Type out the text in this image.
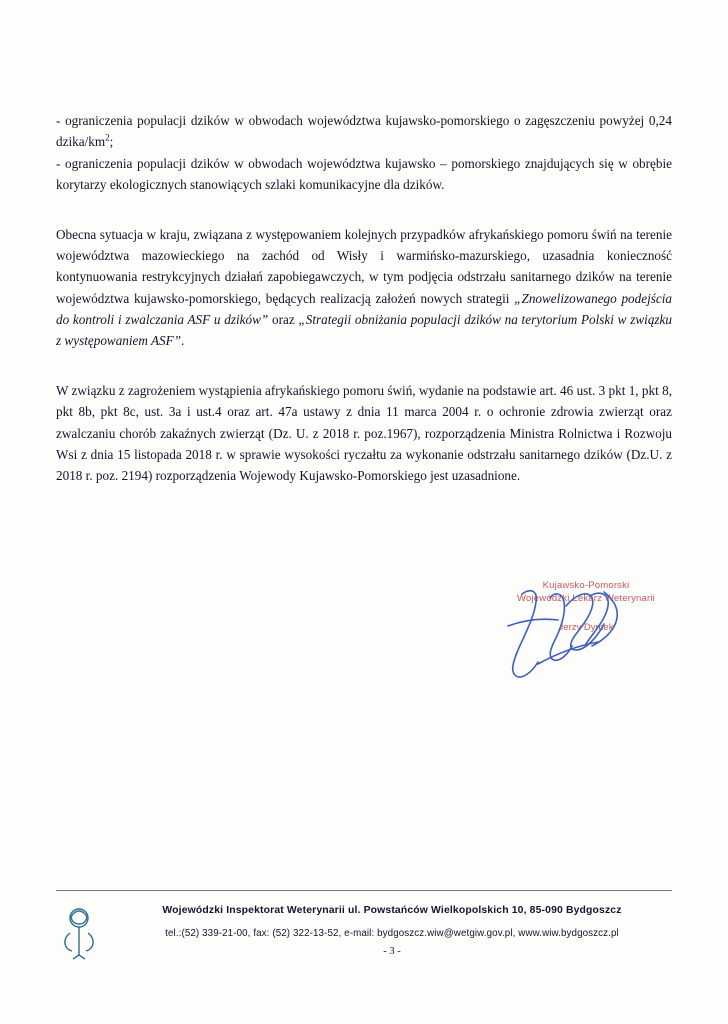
- ograniczenia populacji dzików w obwodach województwa kujawsko-pomorskiego o zagęszczeniu powyżej 0,24 dzika/$km^2$;

- ograniczenia populacji dzików w obwodach województwa kujawsko – pomorskiego znajdujących się w obrębie korytarzy ekologicznych stanowiących szlaki komunikacyjne dla dzików.

Obecna sytuacja w kraju, związana z występowaniem kolejnych przypadków afrykańskiego pomoru świń na terenie województwa mazowieckiego na zachód od Wisły i warmińsko-mazurskiego, uzasadnia konieczność kontynuowania restrykcyjnych działań zapobiegawczych, w tym podjęcia odstrzału sanitarnego dzików na terenie województwa kujawsko-pomorskiego, będących realizacją założeń nowych strategii „Znowelizowanego podejścia do kontroli i zwalczania ASF u dzików” oraz „Strategii obniżania populacji dzików na terytorium Polski w związku z występowaniem ASF”.

W związku z zagrożeniem wystąpienia afrykańskiego pomoru świń, wydanie na podstawie art. 46 ust. 3 pkt 1, pkt 8, pkt 8b, pkt 8c, ust. 3a i ust.4 oraz art. 47a ustawy z dnia 11 marca 2004 r. o ochronie zdrowia zwierząt oraz zwalczaniu chorób zakaźnych zwierząt (Dz. U. z 2018 r. poz.1967), rozporządzenia Ministra Rolnictwa i Rozwoju Wsi z dnia 15 listopada 2018 r. w sprawie wysokości ryczałtu za wykonanie odstrzału sanitarnego dzików (Dz.U. z 2018 r. poz. 2194) rozporządzenia Wojewody Kujawsko-Pomorskiego jest uzasadnione.

Kujawsko-Pomorski
Wojewódzki Lekarz Weterynarii
Jerzy Dymek
Wojewódzki Inspektorat Weterynarii ul. Powstańców Wielkopolskich 10, 85-090 Bydgoszcz
tel.:(52) 339-21-00, fax: (52) 322-13-52, e-mail: bydgoszcz.wiw@wetgiw.gov.pl, www.wiw.bydgoszcz.pl
- 3 -
